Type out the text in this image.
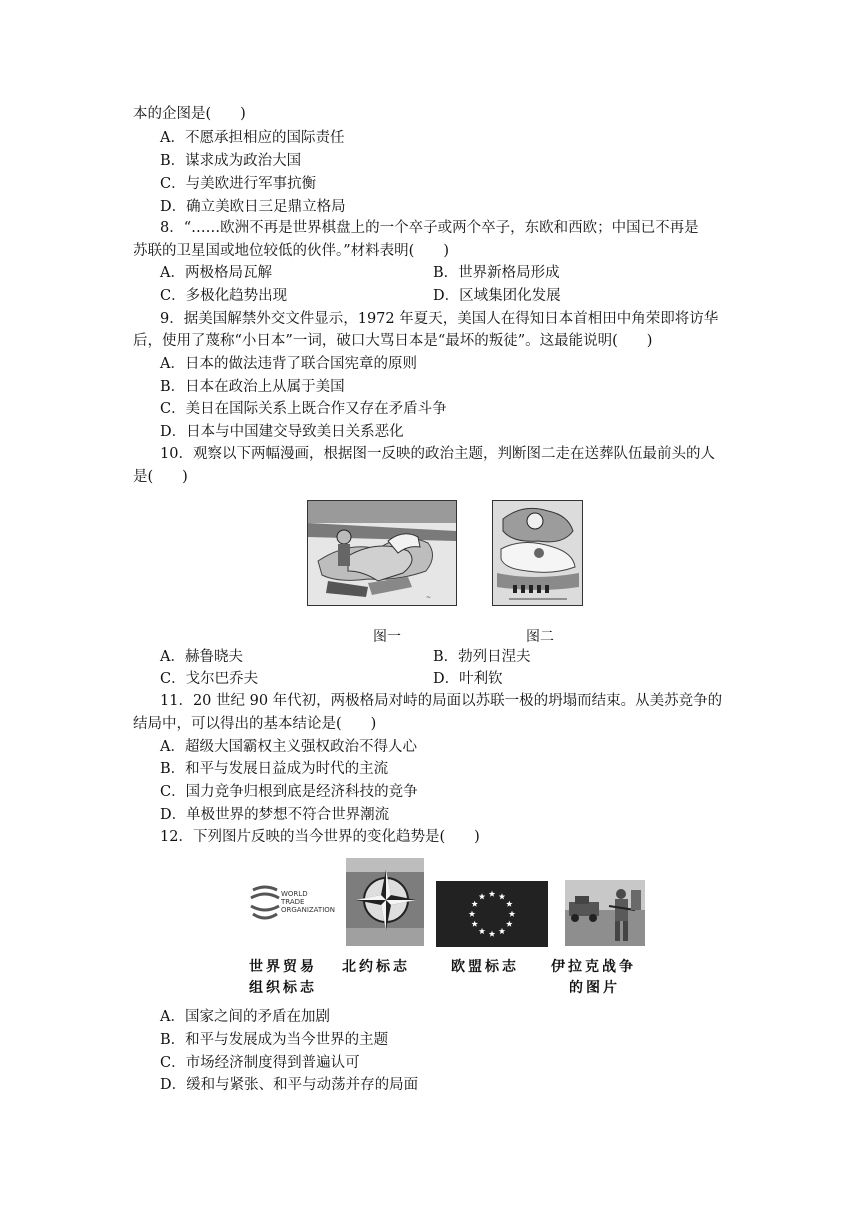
本的企图是(　　)
A．不愿承担相应的国际责任
B．谋求成为政治大国
C．与美欧进行军事抗衡
D．确立美欧日三足鼎立格局
8．“……欧洲不再是世界棋盘上的一个卒子或两个卒子，东欧和西欧；中国已不再是
苏联的卫星国或地位较低的伙伴。”材料表明(　　)
A．两极格局瓦解	B．世界新格局形成
C．多极化趋势出现	D．区域集团化发展
9．据美国解禁外交文件显示，1972 年夏天，美国人在得知日本首相田中角荣即将访华
后，使用了蔑称“小日本”一词，破口大骂日本是“最坏的叛徒”。这最能说明(　　)
A．日本的做法违背了联合国宪章的原则
B．日本在政治上从属于美国
C．美日在国际关系上既合作又存在矛盾斗争
D．日本与中国建交导致美日关系恶化
10．观察以下两幅漫画，根据图一反映的政治主题，判断图二走在送葬队伍最前头的人
是(　　)
~
图一	图二
A．赫鲁晓夫	B．勃列日涅夫
C．戈尔巴乔夫	D．叶利钦
11．20 世纪 90 年代初，两极格局对峙的局面以苏联一极的坍塌而结束。从美苏竞争的
结局中，可以得出的基本结论是(　　)
A．超级大国霸权主义强权政治不得人心
B．和平与发展日益成为时代的主流
C．国力竞争归根到底是经济科技的竞争
D．单极世界的梦想不符合世界潮流
12．下列图片反映的当今世界的变化趋势是(　　)
WORLD TRADE ORGANIZATION
世界贸易
组织标志
北约标志	欧盟标志 伊拉克战争
的图片
A．国家之间的矛盾在加剧
B．和平与发展成为当今世界的主题
C．市场经济制度得到普遍认可
D．缓和与紧张、和平与动荡并存的局面
